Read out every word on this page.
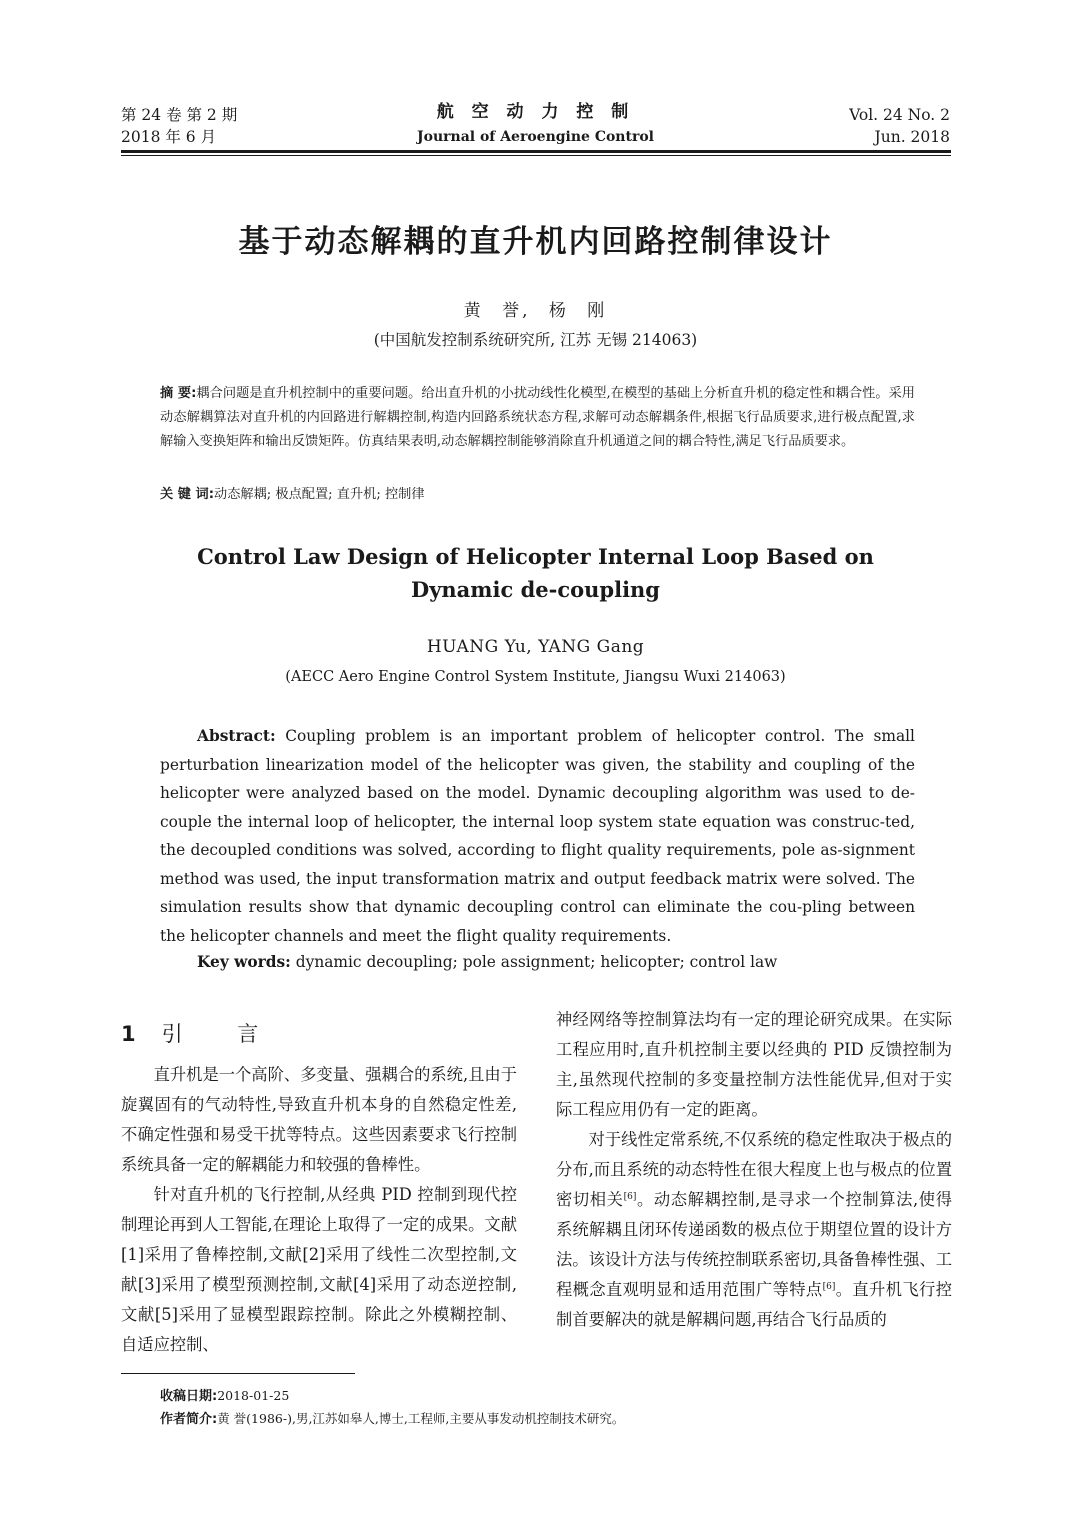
第 24 卷 第 2 期
2018 年 6 月
航 空 动 力 控 制
Journal of Aeroengine Control
Vol. 24 No. 2
Jun. 2018
基于动态解耦的直升机内回路控制律设计
黄 誉, 杨 刚
(中国航发控制系统研究所, 江苏 无锡 214063)
摘 要:耦合问题是直升机控制中的重要问题。给出直升机的小扰动线性化模型,在模型的基础上分析直升机的稳定性和耦合性。采用动态解耦算法对直升机的内回路进行解耦控制,构造内回路系统状态方程,求解可动态解耦条件,根据飞行品质要求,进行极点配置,求解输入变换矩阵和输出反馈矩阵。仿真结果表明,动态解耦控制能够消除直升机通道之间的耦合特性,满足飞行品质要求。
关 键 词:动态解耦; 极点配置; 直升机; 控制律
Control Law Design of Helicopter Internal Loop Based on
Dynamic de-coupling
HUANG Yu, YANG Gang
(AECC Aero Engine Control System Institute, Jiangsu Wuxi 214063)
Abstract: Coupling problem is an important problem of helicopter control. The small perturbation linearization model of the helicopter was given, the stability and coupling of the helicopter were analyzed based on the model. Dynamic decoupling algorithm was used to de-couple the internal loop of helicopter, the internal loop system state equation was construc-ted, the decoupled conditions was solved, according to flight quality requirements, pole as-signment method was used, the input transformation matrix and output feedback matrix were solved. The simulation results show that dynamic decoupling control can eliminate the cou-pling between the helicopter channels and meet the flight quality requirements.
Key words: dynamic decoupling; pole assignment; helicopter; control law
1 引 言

直升机是一个高阶、多变量、强耦合的系统,且由于旋翼固有的气动特性,导致直升机本身的自然稳定性差,不确定性强和易受干扰等特点。这些因素要求飞行控制系统具备一定的解耦能力和较强的鲁棒性。

针对直升机的飞行控制,从经典 PID 控制到现代控制理论再到人工智能,在理论上取得了一定的成果。文献[1]采用了鲁棒控制,文献[2]采用了线性二次型控制,文献[3]采用了模型预测控制,文献[4]采用了动态逆控制,文献[5]采用了显模型跟踪控制。除此之外模糊控制、自适应控制、

神经网络等控制算法均有一定的理论研究成果。在实际工程应用时,直升机控制主要以经典的 PID 反馈控制为主,虽然现代控制的多变量控制方法性能优异,但对于实际工程应用仍有一定的距离。

对于线性定常系统,不仅系统的稳定性取决于极点的分布,而且系统的动态特性在很大程度上也与极点的位置密切相关[6]。动态解耦控制,是寻求一个控制算法,使得系统解耦且闭环传递函数的极点位于期望位置的设计方法。该设计方法与传统控制联系密切,具备鲁棒性强、工程概念直观明显和适用范围广等特点[6]。直升机飞行控制首要解决的就是解耦问题,再结合飞行品质的

收稿日期:2018-01-25
作者简介:黄 誉(1986-),男,江苏如皋人,博士,工程师,主要从事发动机控制技术研究。
